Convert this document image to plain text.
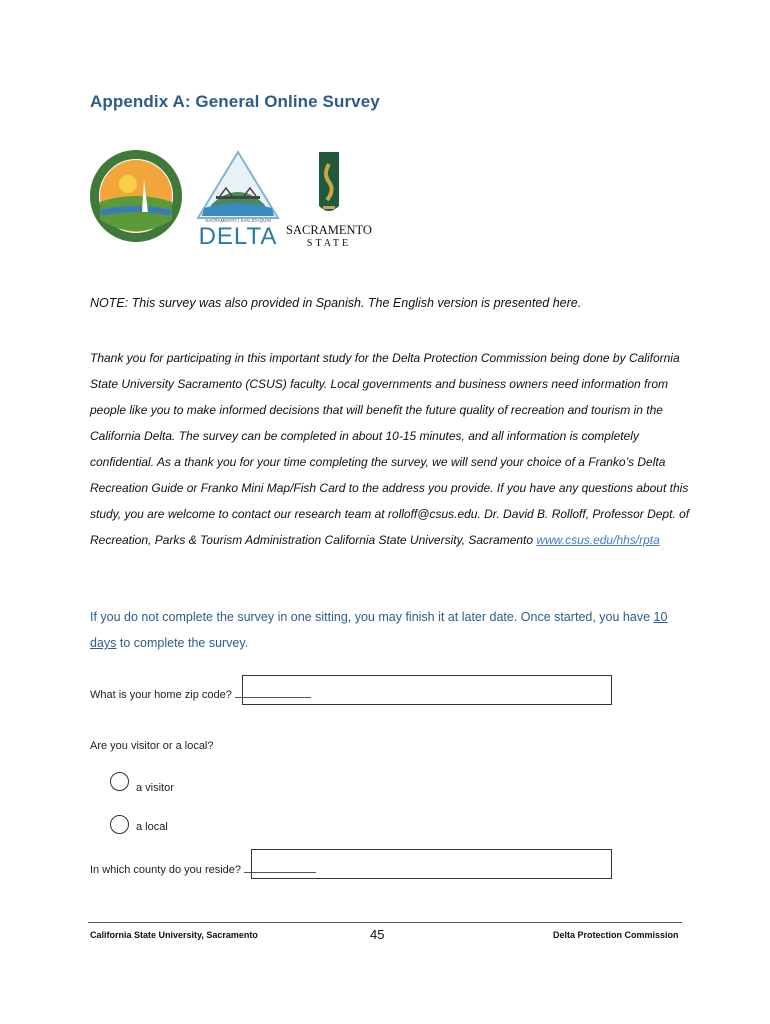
Appendix A: General Online Survey
SACRAMENTO | SAN JOAQUIN
DELTA SACRAMENTO
STATE
NOTE: This survey was also provided in Spanish. The English version is presented here.
Thank you for participating in this important study for the Delta Protection Commission being done by California State University Sacramento (CSUS) faculty. Local governments and business owners need information from people like you to make informed decisions that will benefit the future quality of recreation and tourism in the California Delta. The survey can be completed in about 10-15 minutes, and all information is completely confidential. As a thank you for your time completing the survey, we will send your choice of a Franko’s Delta Recreation Guide or Franko Mini Map/Fish Card to the address you provide. If you have any questions about this study, you are welcome to contact our research team at rolloff@csus.edu. Dr. David B. Rolloff, Professor Dept. of Recreation, Parks & Tourism Administration California State University, Sacramento www.csus.edu/hhs/rpta
If you do not complete the survey in one sitting, you may finish it at later date. Once started, you have 10 days to complete the survey.
What is your home zip code?
Are you visitor or a local?
a visitor
a local
In which county do you reside?
California State University, Sacramento	45	Delta Protection Commission
